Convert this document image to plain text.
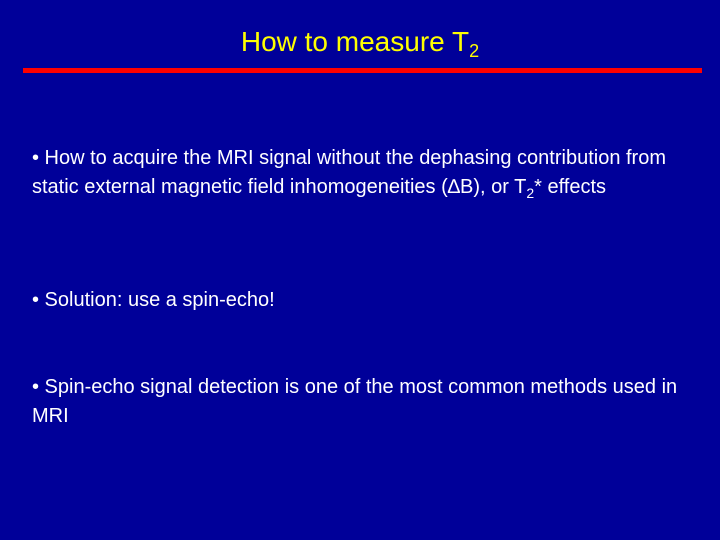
How to measure $T_2$
• How to acquire the MRI signal without the dephasing contribution from static external magnetic field inhomogeneities (∆B), or $T_2*$ effects
• Solution: use a spin-echo!
• Spin-echo signal detection is one of the most common methods used in MRI
